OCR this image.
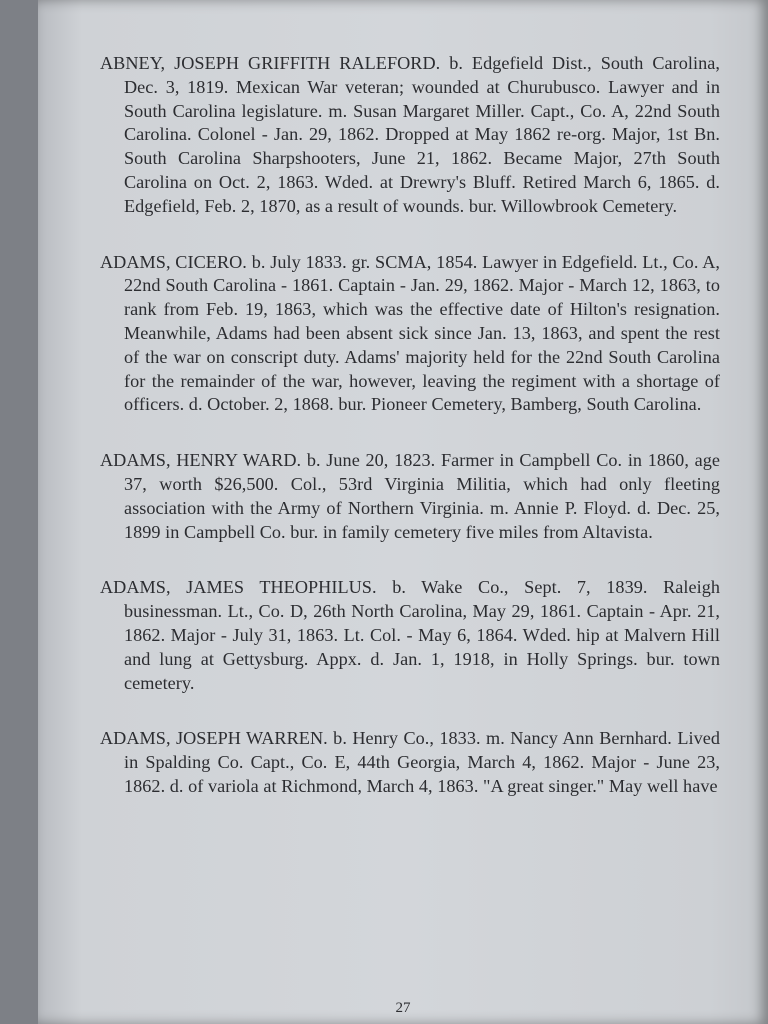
ABNEY, JOSEPH GRIFFITH RALEFORD. b. Edgefield Dist., South Carolina, Dec. 3, 1819. Mexican War veteran; wounded at Churubusco. Lawyer and in South Carolina legislature. m. Susan Margaret Miller. Capt., Co. A, 22nd South Carolina. Colonel - Jan. 29, 1862. Dropped at May 1862 re-org. Major, 1st Bn. South Carolina Sharpshooters, June 21, 1862. Became Major, 27th South Carolina on Oct. 2, 1863. Wded. at Drewry's Bluff. Retired March 6, 1865. d. Edgefield, Feb. 2, 1870, as a result of wounds. bur. Willowbrook Cemetery.

ADAMS, CICERO. b. July 1833. gr. SCMA, 1854. Lawyer in Edgefield. Lt., Co. A, 22nd South Carolina - 1861. Captain - Jan. 29, 1862. Major - March 12, 1863, to rank from Feb. 19, 1863, which was the effective date of Hilton's resignation. Meanwhile, Adams had been absent sick since Jan. 13, 1863, and spent the rest of the war on conscript duty. Adams' majority held for the 22nd South Carolina for the remainder of the war, however, leaving the regiment with a shortage of officers. d. October. 2, 1868. bur. Pioneer Cemetery, Bamberg, South Carolina.

ADAMS, HENRY WARD. b. June 20, 1823. Farmer in Campbell Co. in 1860, age 37, worth $26,500. Col., 53rd Virginia Militia, which had only fleeting association with the Army of Northern Virginia. m. Annie P. Floyd. d. Dec. 25, 1899 in Campbell Co. bur. in family cemetery five miles from Altavista.

ADAMS, JAMES THEOPHILUS. b. Wake Co., Sept. 7, 1839. Raleigh businessman. Lt., Co. D, 26th North Carolina, May 29, 1861. Captain - Apr. 21, 1862. Major - July 31, 1863. Lt. Col. - May 6, 1864. Wded. hip at Malvern Hill and lung at Gettysburg. Appx. d. Jan. 1, 1918, in Holly Springs. bur. town cemetery.

ADAMS, JOSEPH WARREN. b. Henry Co., 1833. m. Nancy Ann Bernhard. Lived in Spalding Co. Capt., Co. E, 44th Georgia, March 4, 1862. Major - June 23, 1862. d. of variola at Richmond, March 4, 1863. "A great singer." May well have

27
